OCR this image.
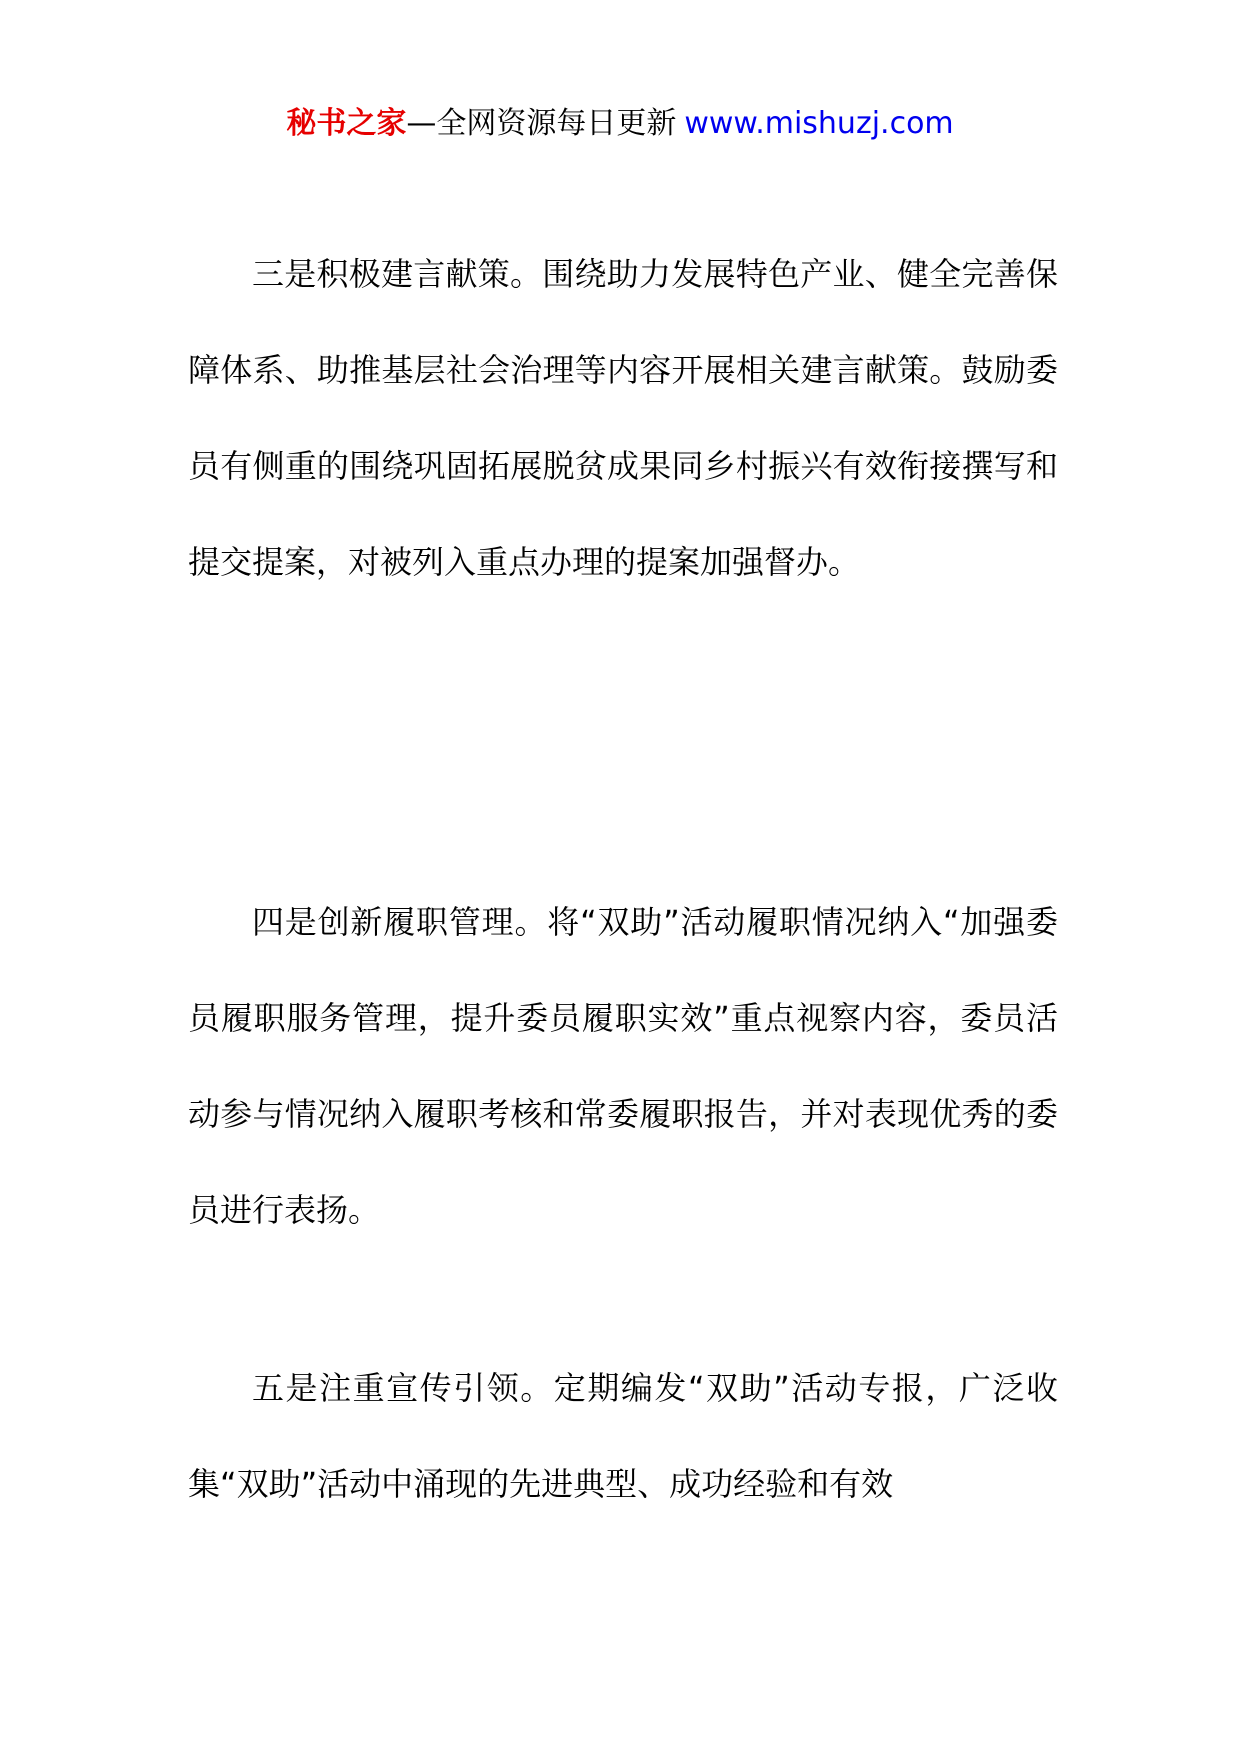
秘书之家—全网资源每日更新 www.mishuzj.com

三是积极建言献策。围绕助力发展特色产业、健全完善保障体系、助推基层社会治理等内容开展相关建言献策。鼓励委员有侧重的围绕巩固拓展脱贫成果同乡村振兴有效衔接撰写和提交提案，对被列入重点办理的提案加强督办。

四是创新履职管理。将“双助”活动履职情况纳入“加强委员履职服务管理，提升委员履职实效”重点视察内容，委员活动参与情况纳入履职考核和常委履职报告，并对表现优秀的委员进行表扬。

五是注重宣传引领。定期编发“双助”活动专报，广泛收集“双助”活动中涌现的先进典型、成功经验和有效
